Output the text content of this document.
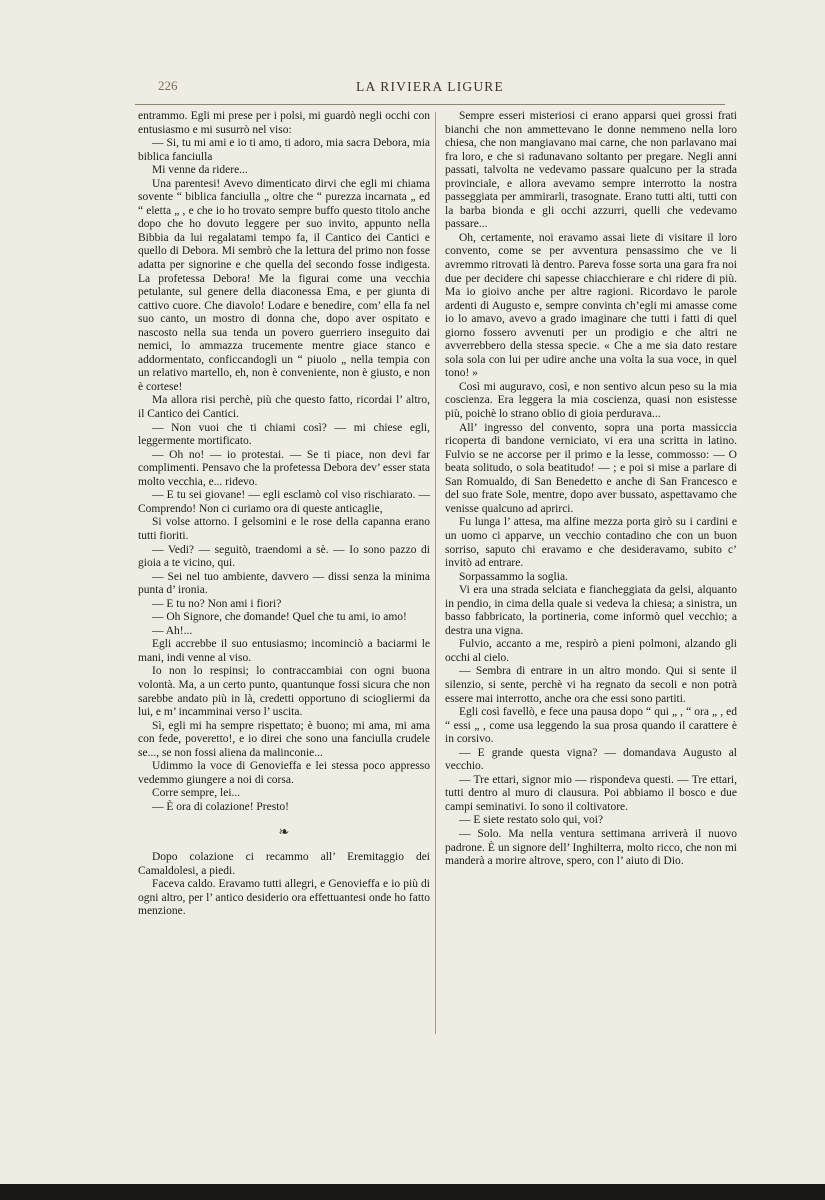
226	LA RIVIERA LIGURE

entrammo. Egli mi prese per i polsi, mi guardò negli occhi con entusiasmo e mi susurrò nel viso:

— Si, tu mi ami e io ti amo, ti adoro, mia sacra Debora, mia biblica fanciulla

Mi venne da ridere...

Una parentesi! Avevo dimenticato dirvi che egli mi chiama sovente “ biblica fanciulla „ oltre che “ purezza incarnata „ ed “ eletta „ , e che io ho trovato sempre buffo questo titolo anche dopo che ho dovuto leggere per suo invito, appunto nella Bibbia da lui regalatami tempo fa, il Cantico dei Cantici e quello di Debora. Mi sembrò che la lettura del primo non fosse adatta per signorine e che quella del secondo fosse indigesta. La profetessa Debora! Me la figurai come una vecchia petulante, sul genere della diaconessa Ema, e per giunta di cattivo cuore. Che diavolo! Lodare e benedire, com’ ella fa nel suo canto, un mostro di donna che, dopo aver ospitato e nascosto nella sua tenda un povero guerriero inseguito dai nemici, lo ammazza trucemente mentre giace stanco e addormentato, conficcandogli un “ piuolo „ nella tempia con un relativo martello, eh, non è conveniente, non è giusto, e non è cortese!

Ma allora risi perchè, più che questo fatto, ricordai l’ altro, il Cantico dei Cantici.

— Non vuoi che ti chiami così? — mi chiese egli, leggermente mortificato.

— Oh no! — io protestai. — Se ti piace, non devi far complimenti. Pensavo che la profetessa Debora dev’ esser stata molto vecchia, e... ridevo.

— E tu sei giovane! — egli esclamò col viso rischiarato. — Comprendo! Non ci curiamo ora di queste anticaglie,

Si volse attorno. I gelsomini e le rose della capanna erano tutti fioriti.

— Vedi? — seguitò, traendomi a sè. — Io sono pazzo di gioia a te vicino, qui.

— Sei nel tuo ambiente, davvero — dissi senza la minima punta d’ ironia.

— E tu no? Non ami i fiori?

— Oh Signore, che domande! Quel che tu ami, io amo!

— Ah!...

Egli accrebbe il suo entusiasmo; incominciò a baciarmi le mani, indi venne al viso.

Io non lo respinsi; lo contraccambiai con ogni buona volontà. Ma, a un certo punto, quantunque fossi sicura che non sarebbe andato più in là, credetti opportuno di sciogliermi da lui, e m’ incamminai verso l’ uscita.

Sì, egli mi ha sempre rispettato; è buono; mi ama, mi ama con fede, poveretto!, e io direi che sono una fanciulla crudele se..., se non fossi aliena da malinconie...

Udimmo la voce di Genovieffa e lei stessa poco appresso vedemmo giungere a noi di corsa.

Corre sempre, lei...

— È ora di colazione! Presto!

❧

Dopo colazione ci recammo all’ Eremitaggio dei Camaldolesi, a piedi.

Faceva caldo. Eravamo tutti allegri, e Genovieffa e io più di ogni altro, per l’ antico desiderio ora effettuantesi onde ho fatto menzione.

Sempre esseri misteriosi ci erano apparsi quei grossi frati bianchi che non ammettevano le donne nemmeno nella loro chiesa, che non mangiavano mai carne, che non parlavano mai fra loro, e che si radunavano soltanto per pregare. Negli anni passati, talvolta ne vedevamo passare qualcuno per la strada provinciale, e allora avevamo sempre interrotto la nostra passeggiata per ammirarli, trasognate. Erano tutti alti, tutti con la barba bionda e gli occhi azzurri, quelli che vedevamo passare...

Oh, certamente, noi eravamo assai liete di visitare il loro convento, come se per avventura pensassimo che ve li avremmo ritrovati là dentro. Pareva fosse sorta una gara fra noi due per decidere chi sapesse chiacchierare e chi ridere di più. Ma io gioivo anche per altre ragioni. Ricordavo le parole ardenti di Augusto e, sempre convinta ch’egli mi amasse come io lo amavo, avevo a grado imaginare che tutti i fatti di quel giorno fossero avvenuti per un prodigio e che altri ne avverrebbero della stessa specie. « Che a me sia dato restare sola sola con lui per udire anche una volta la sua voce, in quel tono! »

Così mi auguravo, così, e non sentivo alcun peso su la mia coscienza. Era leggera la mia coscienza, quasi non esistesse più, poichè lo strano oblio di gioia perdurava...

All’ ingresso del convento, sopra una porta massiccia ricoperta di bandone verniciato, vi era una scritta in latino. Fulvio se ne accorse per il primo e la lesse, commosso: — O beata solitudo, o sola beatitudo! — ; e poi si mise a parlare di San Romualdo, di San Benedetto e anche di San Francesco e del suo frate Sole, mentre, dopo aver bussato, aspettavamo che venisse qualcuno ad aprirci.

Fu lunga l’ attesa, ma alfine mezza porta girò su i cardini e un uomo ci apparve, un vecchio contadino che con un buon sorriso, saputo chi eravamo e che desideravamo, subito c’ invitò ad entrare.

Sorpassammo la soglia.

Vi era una strada selciata e fiancheggiata da gelsi, alquanto in pendio, in cima della quale si vedeva la chiesa; a sinistra, un basso fabbricato, la portineria, come informò quel vecchio; a destra una vigna.

Fulvio, accanto a me, respirò a pieni polmoni, alzando gli occhi al cielo.

— Sembra di entrare in un altro mondo. Qui si sente il silenzio, si sente, perchè vi ha regnato da secoli e non potrà essere mai interrotto, anche ora che essi sono partiti.

Egli così favellò, e fece una pausa dopo “ qui „ , “ ora „ , ed “ essi „ , come usa leggendo la sua prosa quando il carattere è in corsivo.

— E grande questa vigna? — domandava Augusto al vecchio.

— Tre ettari, signor mio — rispondeva questi. — Tre ettari, tutti dentro al muro di clausura. Poi abbiamo il bosco e due campi seminativi. Io sono il coltivatore.

— E siete restato solo qui, voi?

— Solo. Ma nella ventura settimana arriverà il nuovo padrone. È un signore dell’ Inghilterra, molto ricco, che non mi manderà a morire altrove, spero, con l’ aiuto di Dio.
